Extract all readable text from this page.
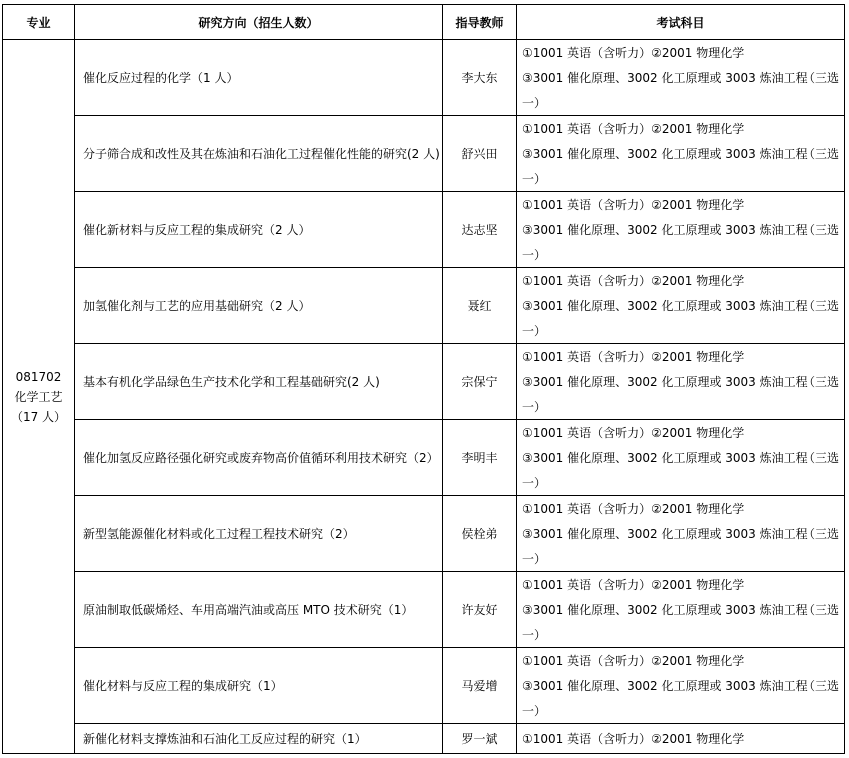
专业	研究方向（招生人数）	指导教师	考试科目

081702
化学工艺
（17 人）	催化反应过程的化学（1 人）	李大东	①1001 英语（含听力）②2001 物理化学
③3001 催化原理、3002 化工原理或 3003 炼油工程
（三选
一）

	分子筛合成和改性及其在炼油和石油化工过程催化性能的研究(2 人)	舒兴田	①1001 英语（含听力）②2001 物理化学
③3001 催化原理、3002 化工原理或 3003 炼油工程
（三选
一）

	催化新材料与反应工程的集成研究（2 人）	达志坚	①1001 英语（含听力）②2001 物理化学
③3001 催化原理、3002 化工原理或 3003 炼油工程
（三选
一）

	加氢催化剂与工艺的应用基础研究（2 人）	聂红	①1001 英语（含听力）②2001 物理化学
③3001 催化原理、3002 化工原理或 3003 炼油工程
（三选
一）

	基本有机化学品绿色生产技术化学和工程基础研究(2 人)	宗保宁	①1001 英语（含听力）②2001 物理化学
③3001 催化原理、3002 化工原理或 3003 炼油工程
（三选
一）

	催化加氢反应路径强化研究或废弃物高价值循环利用技术研究（2）	李明丰	①1001 英语（含听力）②2001 物理化学
③3001 催化原理、3002 化工原理或 3003 炼油工程
（三选
一）

	新型氢能源催化材料或化工过程工程技术研究（2）	侯栓弟	①1001 英语（含听力）②2001 物理化学
③3001 催化原理、3002 化工原理或 3003 炼油工程
（三选
一）

	原油制取低碳烯烃、车用高端汽油或高压 MTO 技术研究（1）	许友好	①1001 英语（含听力）②2001 物理化学
③3001 催化原理、3002 化工原理或 3003 炼油工程
（三选
一）

	催化材料与反应工程的集成研究（1）	马爱增	①1001 英语（含听力）②2001 物理化学
③3001 催化原理、3002 化工原理或 3003 炼油工程
（三选
一）

	新催化材料支撑炼油和石油化工反应过程的研究（1）	罗一斌	①1001 英语（含听力）②2001 物理化学
